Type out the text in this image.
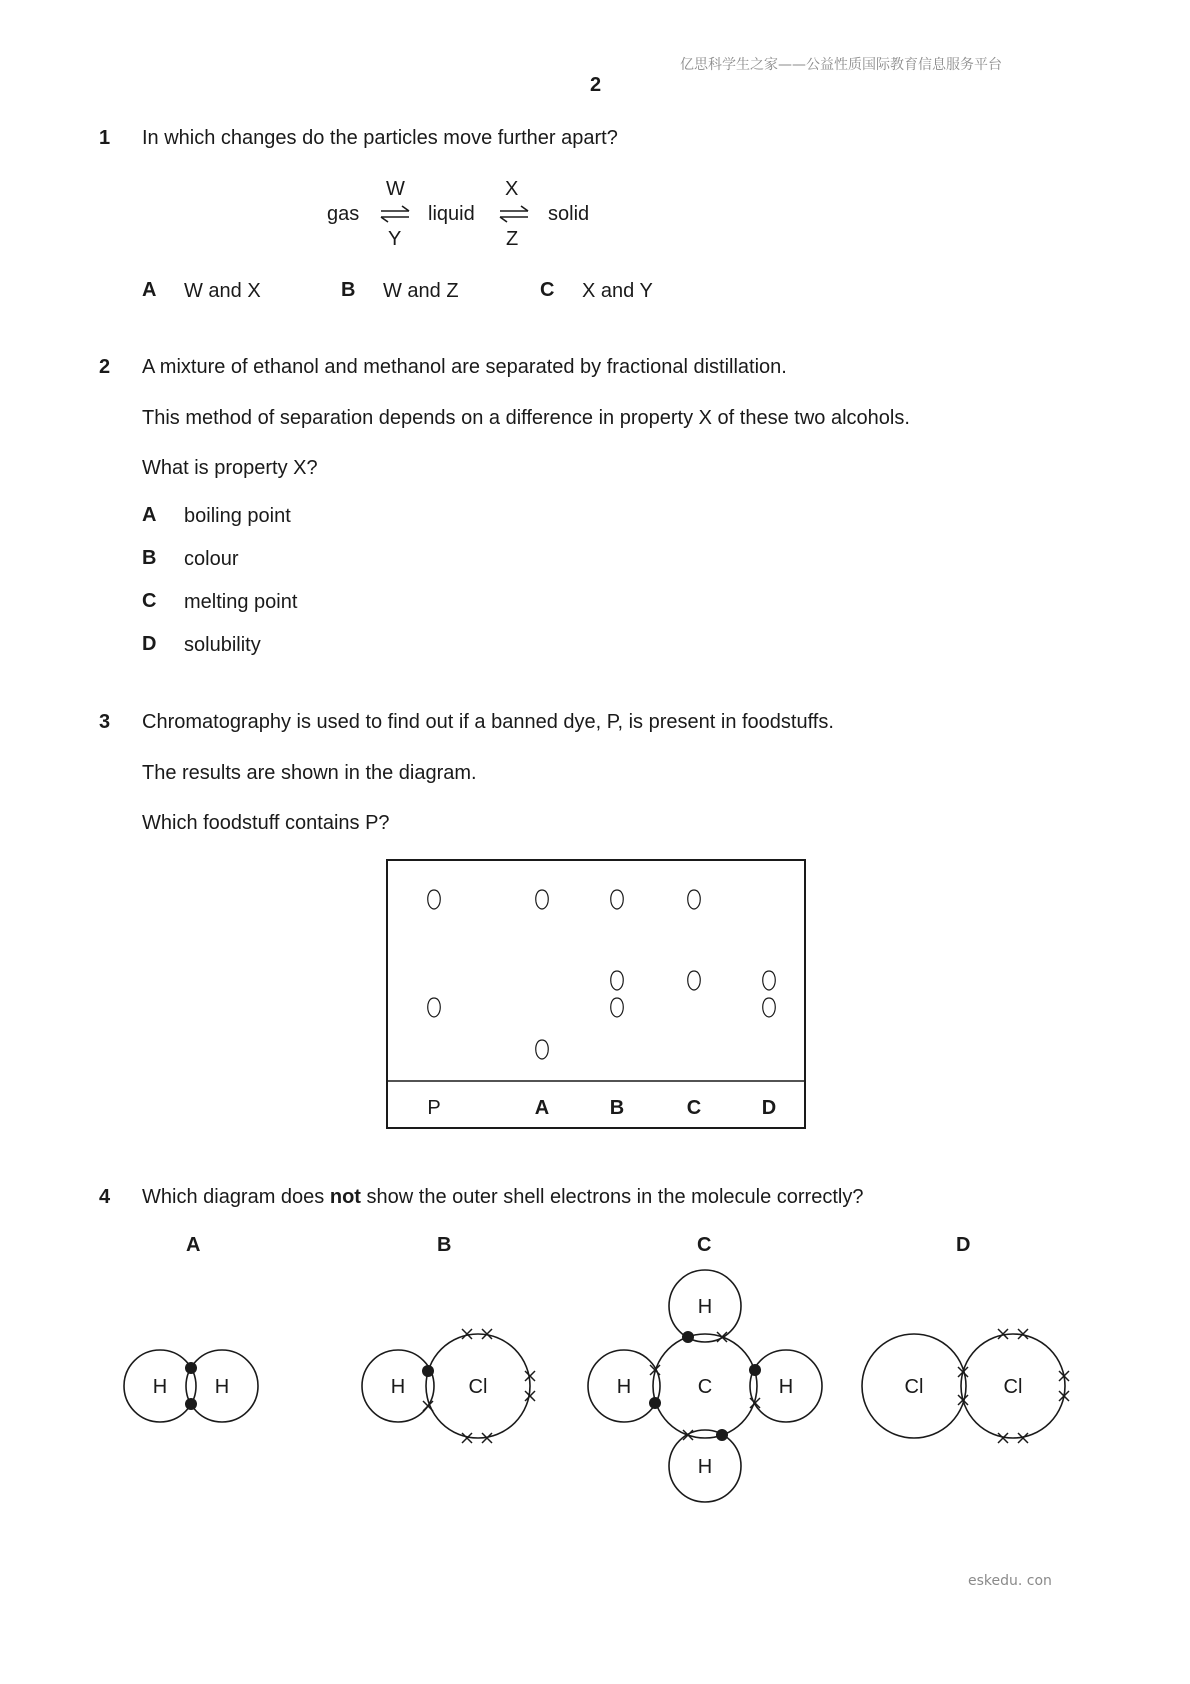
亿思科学生之家——公益性质国际教育信息服务平台
2
eskedu. con
1 In which changes do the particles move further apart?
gas
W
Y
⇌ liquid
X
Z
⇌ solid
A W and X	B W and Z	C X and Y
2 A mixture of ethanol and methanol are separated by fractional distillation.
This method of separation depends on a difference in property X of these two alcohols.
What is property X?
A boiling point
B colour
C melting point
D solubility
3 Chromatography is used to find out if a banned dye, P, is present in foodstuffs.
The results are shown in the diagram.
Which foodstuff contains P?
P	A	B	C	D
4 Which diagram does not show the outer shell electrons in the molecule correctly?
A	B	C	D
H H	H	Cl
H
H
C
H	H	Cl	Cl
